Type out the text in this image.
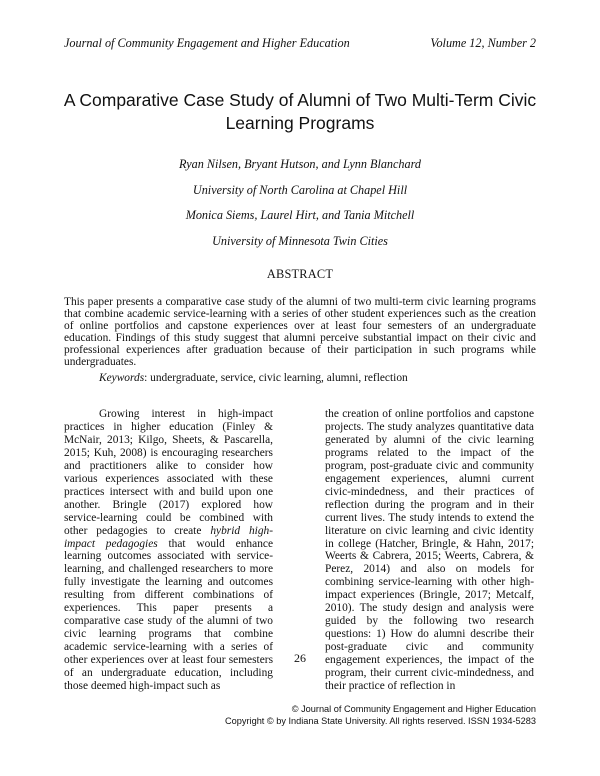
Journal of Community Engagement and Higher Education	Volume 12, Number 2
A Comparative Case Study of Alumni of Two Multi-Term Civic Learning Programs
Ryan Nilsen, Bryant Hutson, and Lynn Blanchard
University of North Carolina at Chapel Hill
Monica Siems, Laurel Hirt, and Tania Mitchell
University of Minnesota Twin Cities
ABSTRACT
This paper presents a comparative case study of the alumni of two multi-term civic learning programs that combine academic service-learning with a series of other student experiences such as the creation of online portfolios and capstone experiences over at least four semesters of an undergraduate education. Findings of this study suggest that alumni perceive substantial impact on their civic and professional experiences after graduation because of their participation in such programs while undergraduates.
Keywords: undergraduate, service, civic learning, alumni, reflection

Growing interest in high-impact practices in higher education (Finley & McNair, 2013; Kilgo, Sheets, & Pascarella, 2015; Kuh, 2008) is encouraging researchers and practitioners alike to consider how various experiences associated with these practices intersect with and build upon one another. Bringle (2017) explored how service-learning could be combined with other pedagogies to create hybrid high-impact pedagogies that would enhance learning outcomes associated with service-learning, and challenged researchers to more fully investigate the learning and outcomes resulting from different combinations of experiences. This paper presents a comparative case study of the alumni of two civic learning programs that combine academic service-learning with a series of other experiences over at least four semesters of an undergraduate education, including those deemed high-impact such as

the creation of online portfolios and capstone projects. The study analyzes quantitative data generated by alumni of the civic learning programs related to the impact of the program, post-graduate civic and community engagement experiences, alumni current civic-mindedness, and their practices of reflection during the program and in their current lives. The study intends to extend the literature on civic learning and civic identity in college (Hatcher, Bringle, & Hahn, 2017; Weerts & Cabrera, 2015; Weerts, Cabrera, & Perez, 2014) and also on models for combining service-learning with other high-impact experiences (Bringle, 2017; Metcalf, 2010). The study design and analysis were guided by the following two research questions: 1) How do alumni describe their post-graduate civic and community engagement experiences, the impact of the program, their current civic-mindedness, and their practice of reflection in

26
© Journal of Community Engagement and Higher Education
Copyright © by Indiana State University. All rights reserved. ISSN 1934-5283
